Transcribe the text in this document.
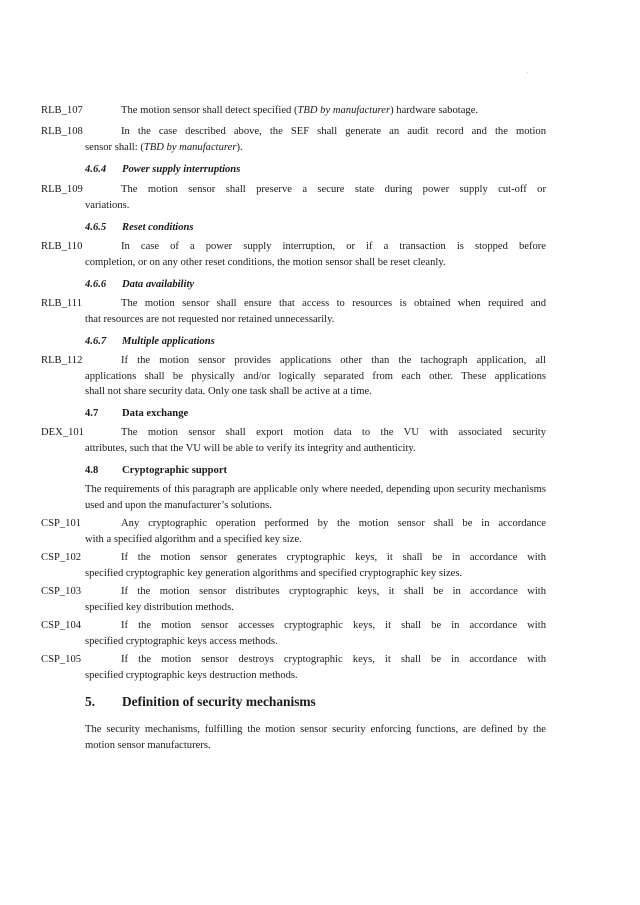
RLB_107	The motion sensor shall detect specified (TBD by manufacturer) hardware sabotage.
RLB_108	In the case described above, the SEF shall generate an audit record and the motion
sensor shall: (TBD by manufacturer).
4.6.4 Power supply interruptions
RLB_109	The motion sensor shall preserve a secure state during power supply cut-off or
variations.
4.6.5 Reset conditions
RLB_110	In case of a power supply interruption, or if a transaction is stopped before
completion, or on any other reset conditions, the motion sensor shall be reset cleanly.
4.6.6 Data availability
RLB_111	The motion sensor shall ensure that access to resources is obtained when required and
that resources are not requested nor retained unnecessarily.
4.6.7 Multiple applications
RLB_112	If the motion sensor provides applications other than the tachograph application, all
applications shall be physically and/or logically separated from each other. These applications
shall not share security data. Only one task shall be active at a time.
4.7 Data exchange
DEX_101	The motion sensor shall export motion data to the VU with associated security
attributes, such that the VU will be able to verify its integrity and authenticity.
4.8 Cryptographic support
The requirements of this paragraph are applicable only where needed, depending upon security mechanisms used and upon the manufacturer’s solutions.
CSP_101	Any cryptographic operation performed by the motion sensor shall be in accordance
with a specified algorithm and a specified key size.
CSP_102	If the motion sensor generates cryptographic keys, it shall be in accordance with
specified cryptographic key generation algorithms and specified cryptographic key sizes.
CSP_103	If the motion sensor distributes cryptographic keys, it shall be in accordance with
specified key distribution methods.
CSP_104	If the motion sensor accesses cryptographic keys, it shall be in accordance with
specified cryptographic keys access methods.
CSP_105	If the motion sensor destroys cryptographic keys, it shall be in accordance with
specified cryptographic keys destruction methods.
5. Definition of security mechanisms
The security mechanisms, fulfilling the motion sensor security enforcing functions, are defined by the motion sensor manufacturers.
